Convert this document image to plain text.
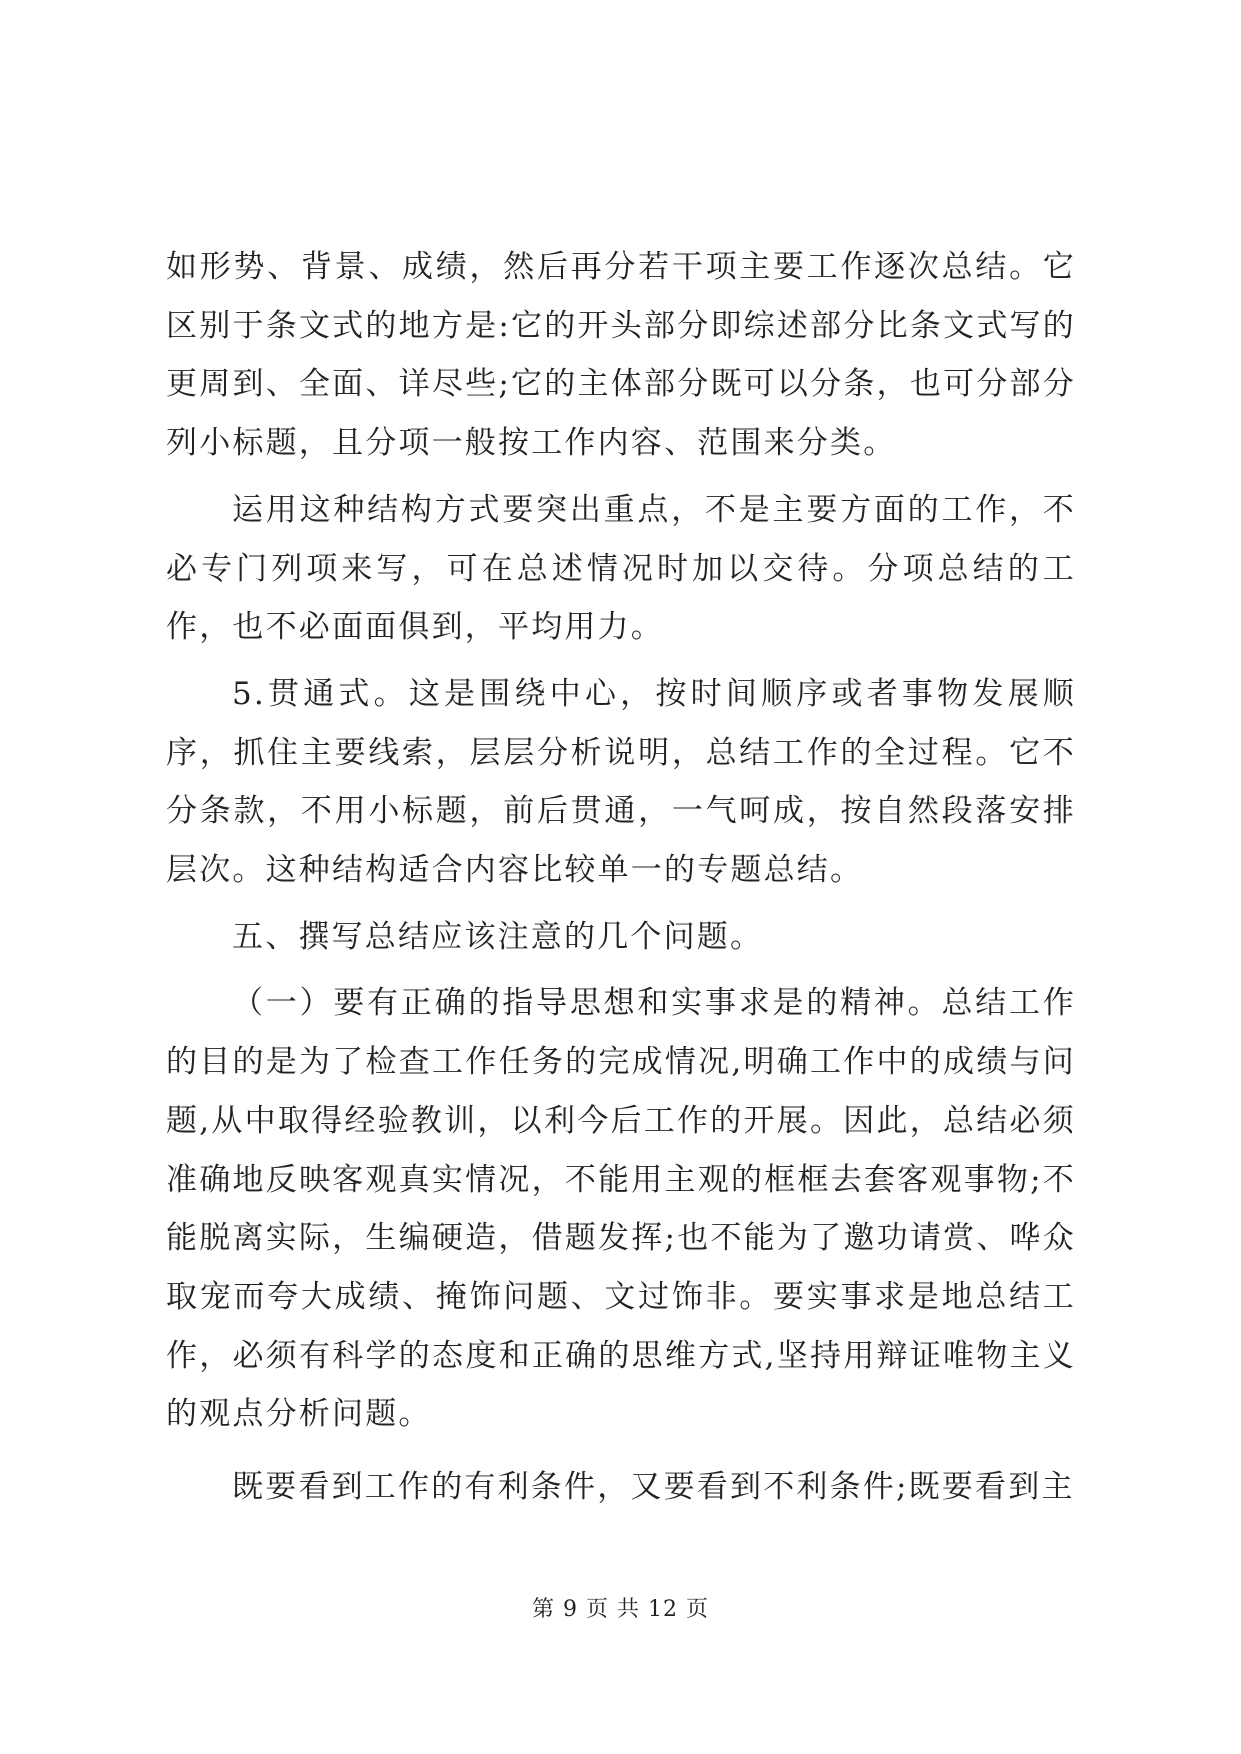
如形势、背景、成绩，然后再分若干项主要工作逐次总结。它区别于条文式的地方是:它的开头部分即综述部分比条文式写的更周到、全面、详尽些;它的主体部分既可以分条，也可分部分列小标题，且分项一般按工作内容、范围来分类。

运用这种结构方式要突出重点，不是主要方面的工作，不必专门列项来写，可在总述情况时加以交待。分项总结的工作，也不必面面俱到，平均用力。

5.贯通式。这是围绕中心，按时间顺序或者事物发展顺序，抓住主要线索，层层分析说明，总结工作的全过程。它不分条款，不用小标题，前后贯通，一气呵成，按自然段落安排层次。这种结构适合内容比较单一的专题总结。

五、撰写总结应该注意的几个问题。

（一）要有正确的指导思想和实事求是的精神。总结工作的目的是为了检查工作任务的完成情况,明确工作中的成绩与问题,从中取得经验教训，以利今后工作的开展。因此，总结必须准确地反映客观真实情况，不能用主观的框框去套客观事物;不能脱离实际，生编硬造，借题发挥;也不能为了邀功请赏、哗众取宠而夸大成绩、掩饰问题、文过饰非。要实事求是地总结工作，必须有科学的态度和正确的思维方式,坚持用辩证唯物主义的观点分析问题。

既要看到工作的有利条件，又要看到不利条件;既要看到主

第 9 页 共 12 页
